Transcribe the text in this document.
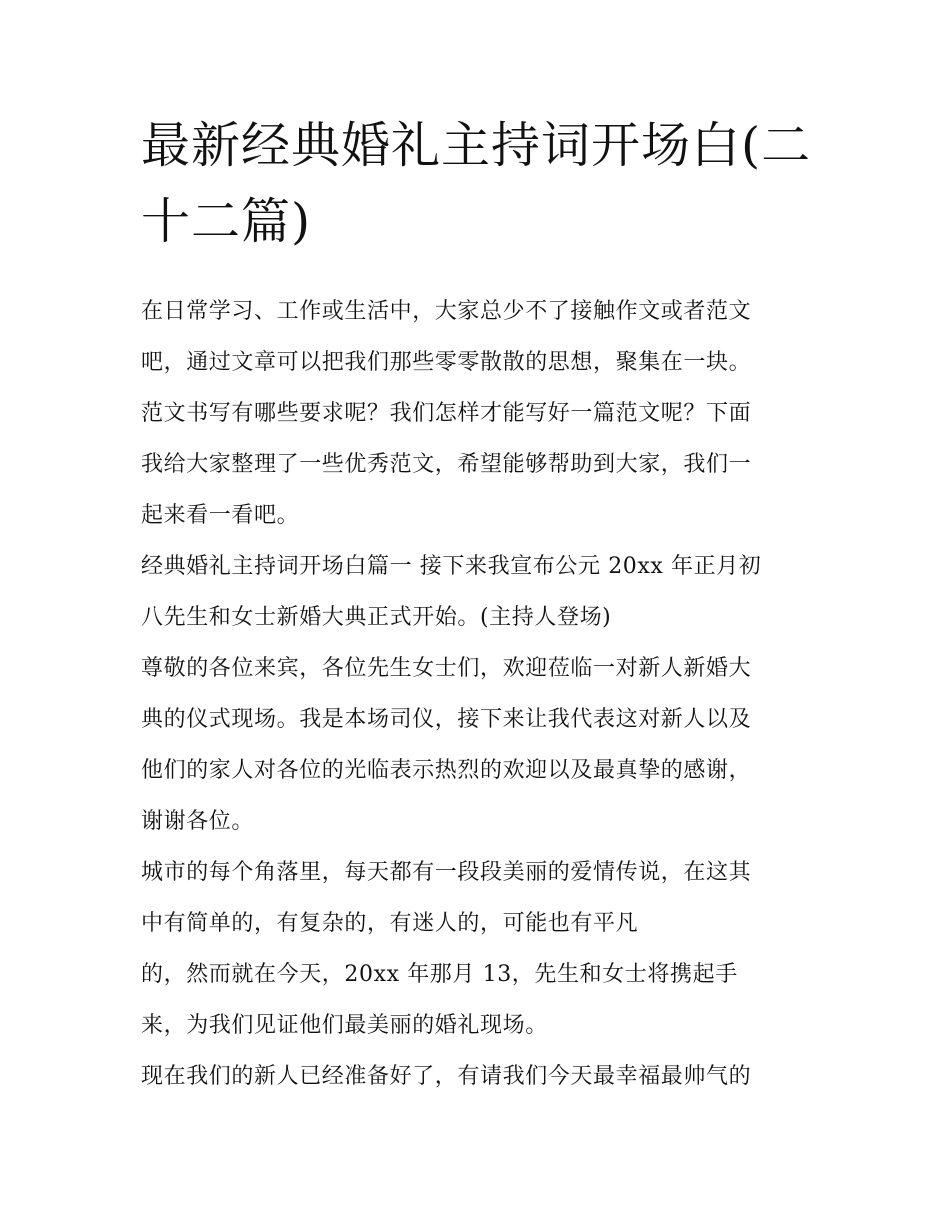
最新经典婚礼主持词开场白(二
十二篇)
在日常学习、工作或生活中，大家总少不了接触作文或者范文
吧，通过文章可以把我们那些零零散散的思想，聚集在一块。
范文书写有哪些要求呢？我们怎样才能写好一篇范文呢？下面
我给大家整理了一些优秀范文，希望能够帮助到大家，我们一
起来看一看吧。
经典婚礼主持词开场白篇一 接下来我宣布公元 20xx 年正月初
八先生和女士新婚大典正式开始。(主持人登场)
尊敬的各位来宾，各位先生女士们，欢迎莅临一对新人新婚大
典的仪式现场。我是本场司仪，接下来让我代表这对新人以及
他们的家人对各位的光临表示热烈的欢迎以及最真挚的感谢，
谢谢各位。
城市的每个角落里，每天都有一段段美丽的爱情传说，在这其
中有简单的，有复杂的，有迷人的，可能也有平凡
的，然而就在今天，20xx 年那月 13，先生和女士将携起手
来，为我们见证他们最美丽的婚礼现场。
现在我们的新人已经准备好了，有请我们今天最幸福最帅气的
